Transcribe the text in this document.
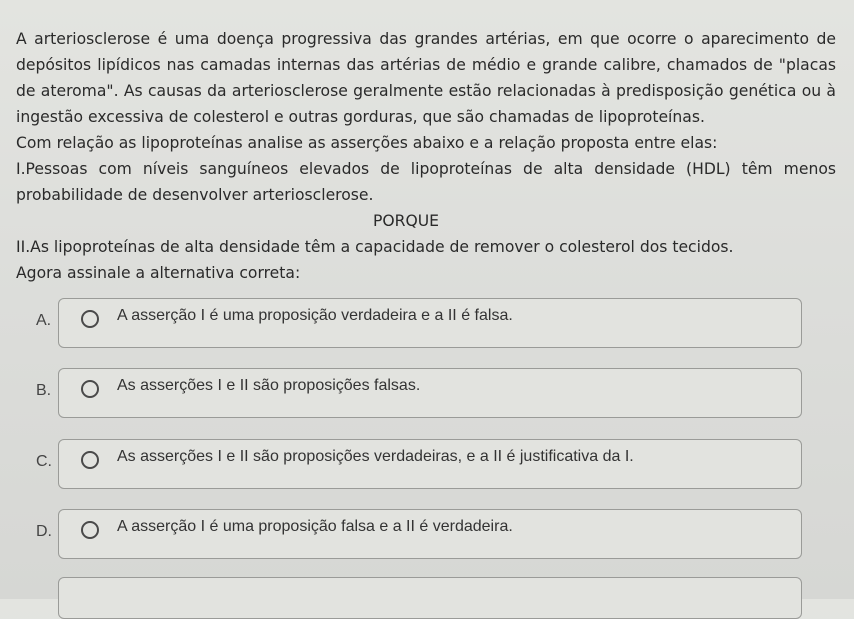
A arteriosclerose é uma doença progressiva das grandes artérias, em que ocorre o aparecimento de depósitos lipídicos nas camadas internas das artérias de médio e grande calibre, chamados de "placas de ateroma". As causas da arteriosclerose geralmente estão relacionadas à predisposição genética ou à ingestão excessiva de colesterol e outras gorduras, que são chamadas de lipoproteínas.

Com relação as lipoproteínas analise as asserções abaixo e a relação proposta entre elas:

I.Pessoas com níveis sanguíneos elevados de lipoproteínas de alta densidade (HDL) têm menos probabilidade de desenvolver arteriosclerose.

PORQUE

II.As lipoproteínas de alta densidade têm a capacidade de remover o colesterol dos tecidos.

Agora assinale a alternativa correta:

A.	A asserção I é uma proposição verdadeira e a II é falsa.
B.	As asserções I e II são proposições falsas.
C.	As asserções I e II são proposições verdadeiras, e a II é justificativa da I.
D.	A asserção I é uma proposição falsa e a II é verdadeira.
